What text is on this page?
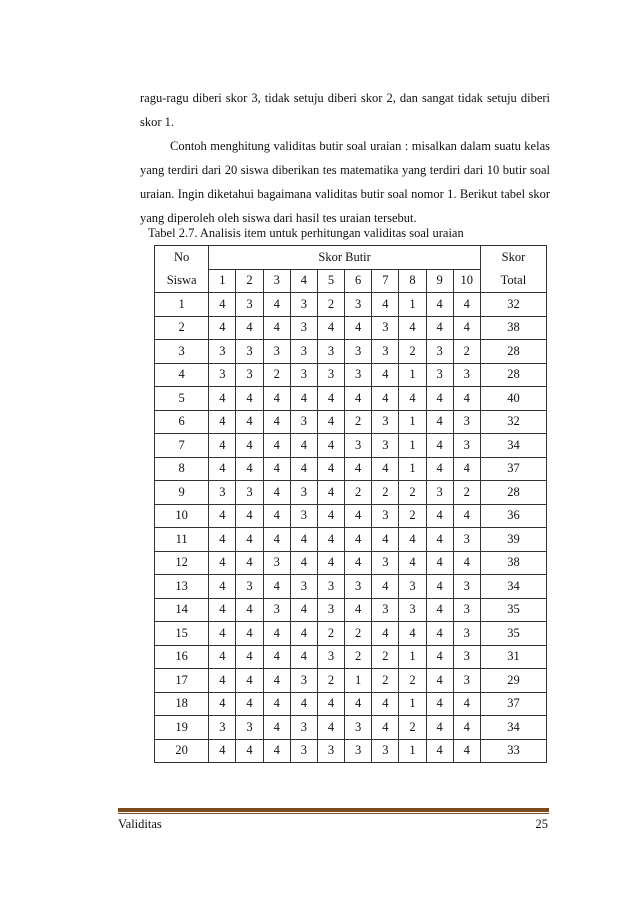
ragu-ragu diberi skor 3, tidak setuju diberi skor 2, dan sangat tidak setuju diberi skor 1.

Contoh menghitung validitas butir soal uraian : misalkan dalam suatu kelas yang terdiri dari 20 siswa diberikan tes matematika yang terdiri dari 10 butir soal uraian. Ingin diketahui bagaimana validitas butir soal nomor 1. Berikut tabel skor yang diperoleh oleh siswa dari hasil tes uraian tersebut.

Tabel 2.7. Analisis item untuk perhitungan validitas soal uraian
No	Skor Butir										Skor
Siswa	1	2	3	4	5	6	7	8	9	10	Total
1	4	3	4	3	2	3	4	1	4	4	32
2	4	4	4	3	4	4	3	4	4	4	38
3	3	3	3	3	3	3	3	2	3	2	28
4	3	3	2	3	3	3	4	1	3	3	28
5	4	4	4	4	4	4	4	4	4	4	40
6	4	4	4	3	4	2	3	1	4	3	32
7	4	4	4	4	4	3	3	1	4	3	34
8	4	4	4	4	4	4	4	1	4	4	37
9	3	3	4	3	4	2	2	2	3	2	28
10	4	4	4	3	4	4	3	2	4	4	36
11	4	4	4	4	4	4	4	4	4	3	39
12	4	4	3	4	4	4	3	4	4	4	38
13	4	3	4	3	3	3	4	3	4	3	34
14	4	4	3	4	3	4	3	3	4	3	35
15	4	4	4	4	2	2	4	4	4	3	35
16	4	4	4	4	3	2	2	1	4	3	31
17	4	4	4	3	2	1	2	2	4	3	29
18	4	4	4	4	4	4	4	1	4	4	37
19	3	3	4	3	4	3	4	2	4	4	34
20	4	4	4	3	3	3	3	1	4	4	33
Validitas	25
